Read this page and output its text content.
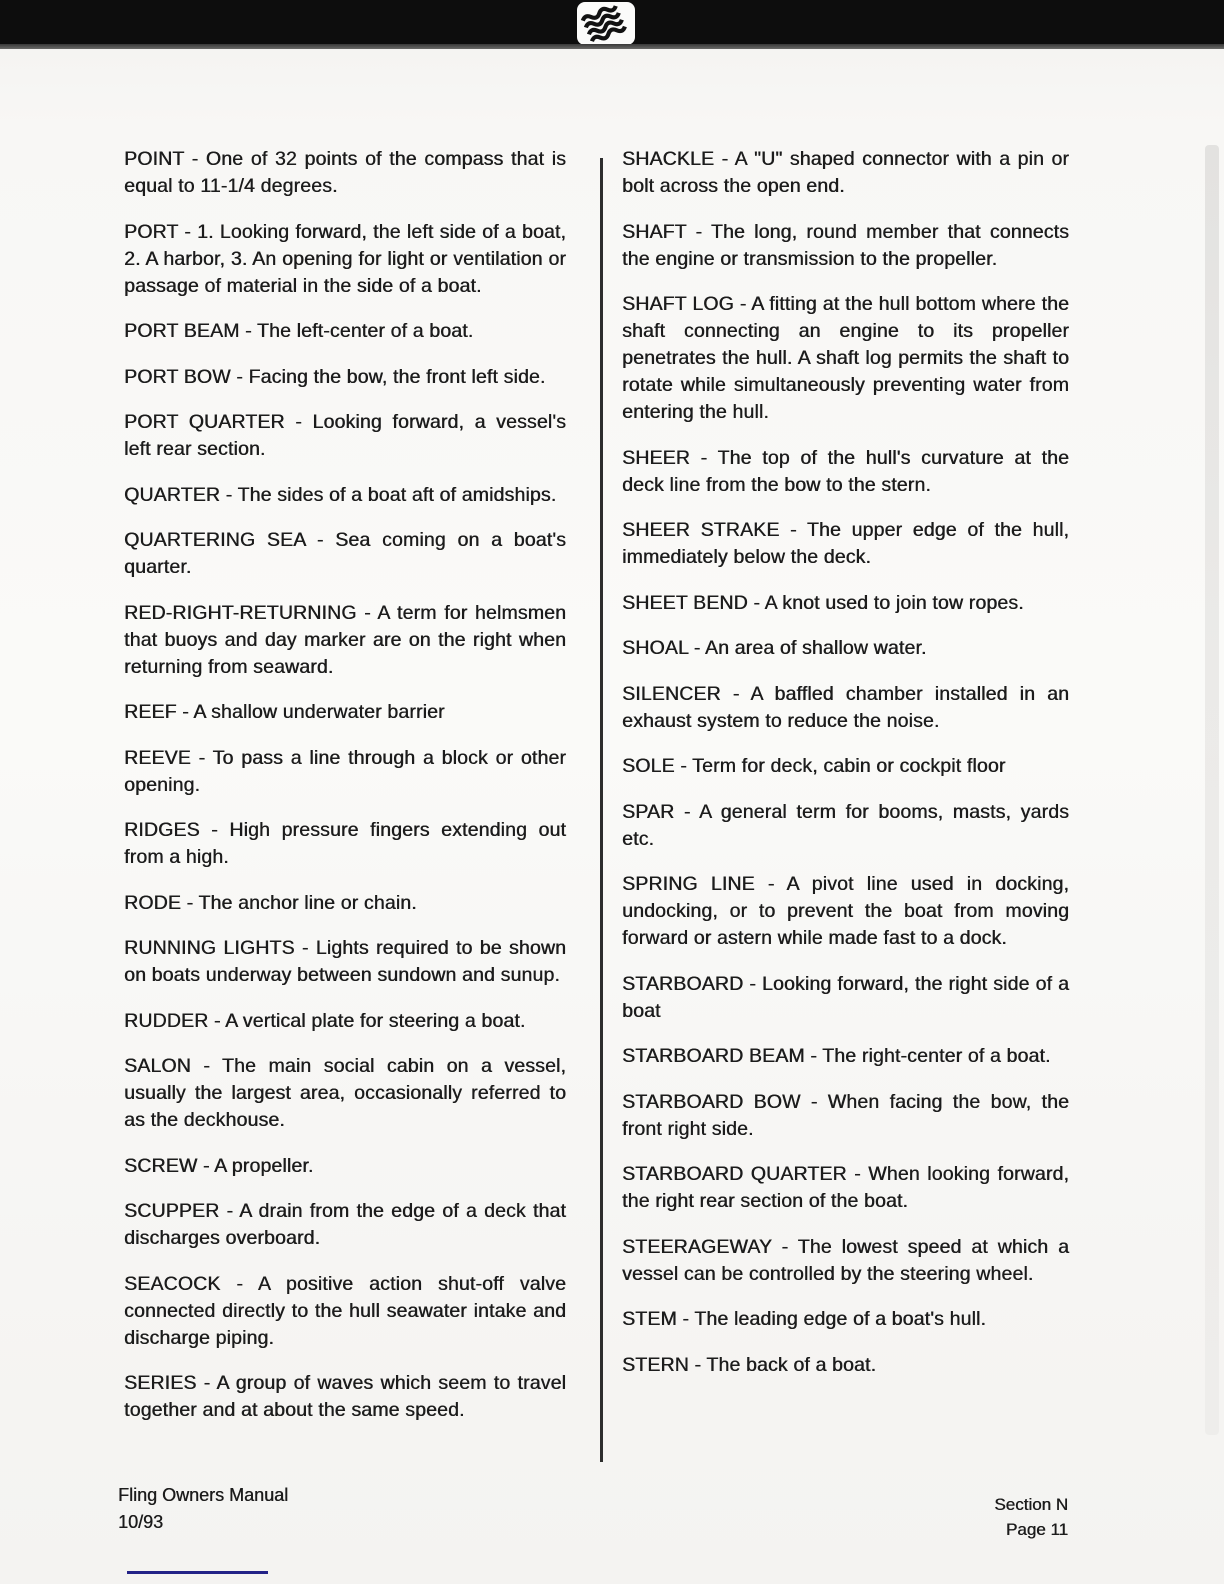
POINT - One of 32 points of the compass that is equal to 11-1/4 degrees.

PORT - 1. Looking forward, the left side of a boat, 2. A harbor, 3. An opening for light or ventilation or passage of material in the side of a boat.

PORT BEAM - The left-center of a boat.

PORT BOW - Facing the bow, the front left side.

PORT QUARTER - Looking forward, a vessel's left rear section.

QUARTER - The sides of a boat aft of amidships.

QUARTERING SEA - Sea coming on a boat's quarter.

RED-RIGHT-RETURNING - A term for helmsmen that buoys and day marker are on the right when returning from seaward.

REEF - A shallow underwater barrier

REEVE - To pass a line through a block or other opening.

RIDGES - High pressure fingers extending out from a high.

RODE - The anchor line or chain.

RUNNING LIGHTS - Lights required to be shown on boats underway between sundown and sunup.

RUDDER - A vertical plate for steering a boat.

SALON - The main social cabin on a vessel, usually the largest area, occasionally referred to as the deckhouse.

SCREW - A propeller.

SCUPPER - A drain from the edge of a deck that discharges overboard.

SEACOCK - A positive action shut-off valve connected directly to the hull seawater intake and discharge piping.

SERIES - A group of waves which seem to travel together and at about the same speed.

SHACKLE - A "U" shaped connector with a pin or bolt across the open end.

SHAFT - The long, round member that connects the engine or transmission to the propeller.

SHAFT LOG - A fitting at the hull bottom where the shaft connecting an engine to its propeller penetrates the hull. A shaft log permits the shaft to rotate while simultaneously preventing water from entering the hull.

SHEER - The top of the hull's curvature at the deck line from the bow to the stern.

SHEER STRAKE - The upper edge of the hull, immediately below the deck.

SHEET BEND - A knot used to join tow ropes.

SHOAL - An area of shallow water.

SILENCER - A baffled chamber installed in an exhaust system to reduce the noise.

SOLE - Term for deck, cabin or cockpit floor

SPAR - A general term for booms, masts, yards etc.

SPRING LINE - A pivot line used in docking, undocking, or to prevent the boat from moving forward or astern while made fast to a dock.

STARBOARD - Looking forward, the right side of a boat

STARBOARD BEAM - The right-center of a boat.

STARBOARD BOW - When facing the bow, the front right side.

STARBOARD QUARTER - When looking forward, the right rear section of the boat.

STEERAGEWAY - The lowest speed at which a vessel can be controlled by the steering wheel.

STEM - The leading edge of a boat's hull.

STERN - The back of a boat.

Fling Owners Manual
10/93
Section N
Page 11
